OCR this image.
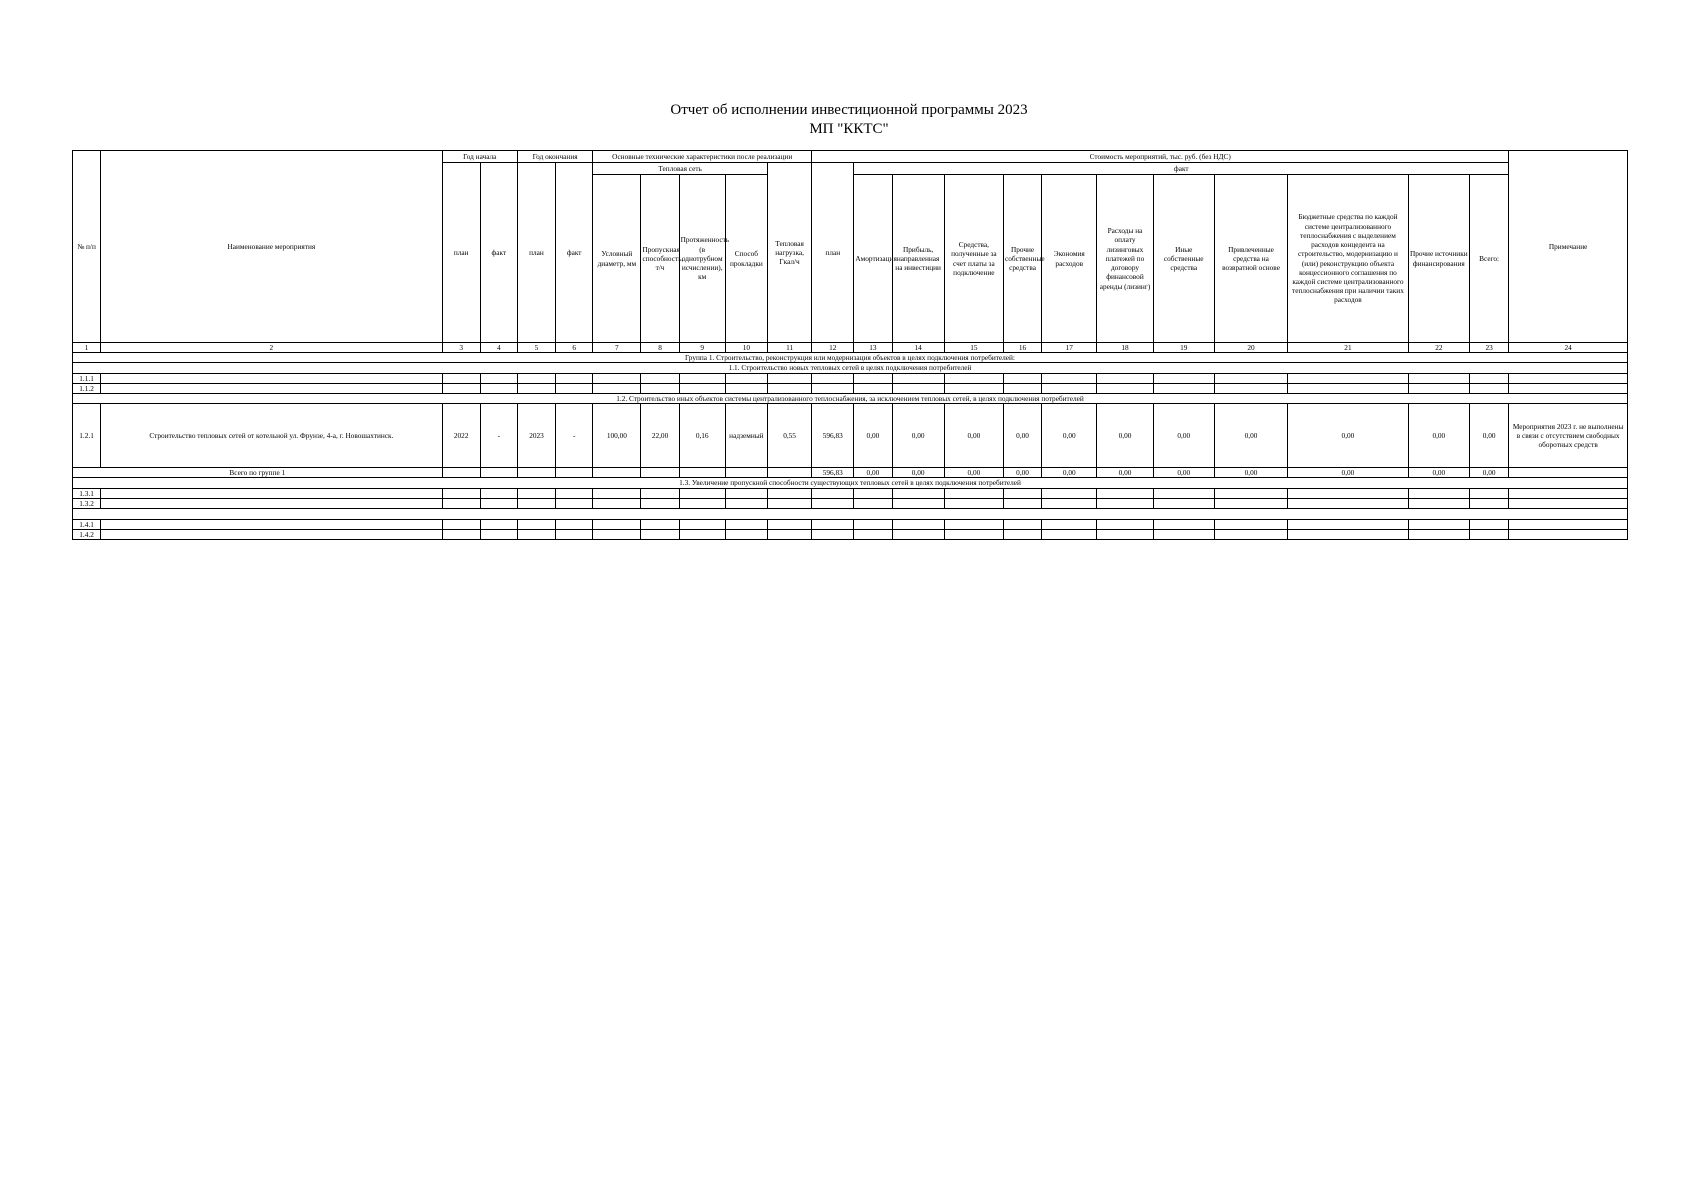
Отчет об исполнении инвестиционной программы 2023
МП "ККТС"
№ п/п	Наименование мероприятия	Год начала		Год окончания		Основные технические характеристики после реализации					Стоимость мероприятий, тыс. руб. (без НДС)												Примечание
		план	факт	план	факт	Тепловая сеть				Тепловая нагрузка, Гкал/ч	план	факт											
						Условный диаметр, мм	Пропускная способность, т/ч	Протяженность (в однотрубном исчислении), км	Способ прокладки			Амортизация	Прибыль, направленная на инвестиции	Средства, полученные за счет платы за подключение	Прочие собственные средства	Экономия расходов	Расходы на оплату лизинговых платежей по договору финансовой аренды (лизинг)	Иные собственные средства	Привлеченные средства на возвратной основе	Бюджетные средства по каждой системе централизованного теплоснабжения с выделением расходов концедента на строительство, модернизацию и (или) реконструкцию объекта концессионного соглашения по каждой системе централизованного теплоснабжения при наличии таких расходов	Прочие источники финансирования	Всего:	
1	2	3	4	5	6	7	8	9	10	11	12	13	14	15	16	17	18	19	20	21	22	23	24
Группа 1. Строительство, реконструкция или модернизация объектов в целях подключения потребителей:																							
1.1. Строительство новых тепловых сетей в целях подключения потребителей																							
1.1.1																							
1.1.2																							
1.2. Строительство иных объектов системы централизованного теплоснабжения, за исключением тепловых сетей, в целях подключения потребителей																							
1.2.1	Строительство тепловых сетей от котельной ул. Фрунзе, 4-а, г. Новошахтинск.	2022	-	2023	-	100,00	22,00	0,16	надземный	0,55	596,83	0,00	0,00	0,00	0,00	0,00	0,00	0,00	0,00	0,00	0,00	0,00	Мероприятия 2023 г. не выполнены в связи с отсутствием свободных оборотных средств
Всего по группе 1											596,83	0,00	0,00	0,00	0,00	0,00	0,00	0,00	0,00	0,00	0,00	0,00	
1.3. Увеличение пропускной способности существующих тепловых сетей в целях подключения потребителей																							
1.3.1																							
1.3.2																							

1.4.1																							
1.4.2																							
